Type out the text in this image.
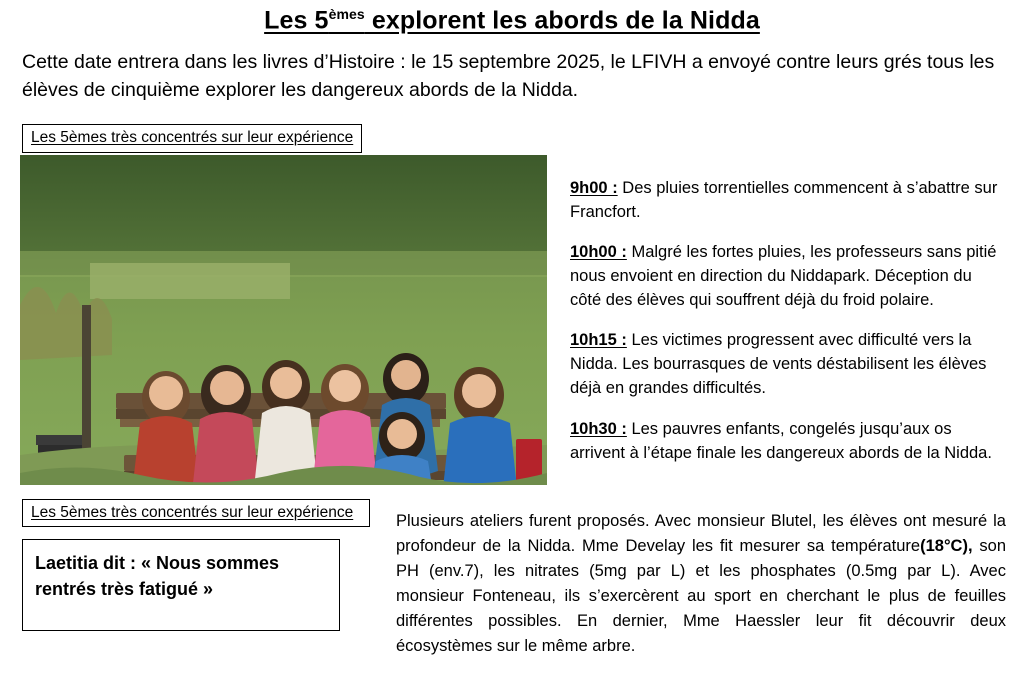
Les 5èmes explorent les abords de la Nidda

Cette date entrera dans les livres d’Histoire : le 15 septembre 2025, le LFIVH a envoyé contre leurs grés tous les élèves de cinquième explorer les dangereux abords de la Nidda.

Les 5èmes très concentrés sur leur expérience

9h00 : Des pluies torrentielles commencent à s’abattre sur Francfort.

10h00 : Malgré les fortes pluies, les professeurs sans pitié nous envoient en direction du Niddapark. Déception du côté des élèves qui souffrent déjà du froid polaire.

10h15 : Les victimes progressent avec difficulté vers la Nidda. Les bourrasques de vents déstabilisent les élèves déjà en grandes difficultés.

10h30 : Les pauvres enfants, congelés jusqu’aux os arrivent à l’étape finale les dangereux abords de la Nidda.

Les 5èmes très concentrés sur leur expérience
Laetitia dit : « Nous sommes rentrés très fatigué »

Plusieurs ateliers furent proposés. Avec monsieur Blutel, les élèves ont mesuré la profondeur de la Nidda. Mme Develay les fit mesurer sa température(18°C), son PH (env.7), les nitrates (5mg par L) et les phosphates (0.5mg par L). Avec monsieur Fonteneau, ils s’exercèrent au sport en cherchant le plus de feuilles différentes possibles. En dernier, Mme Haessler leur fit découvrir deux écosystèmes sur le même arbre.
